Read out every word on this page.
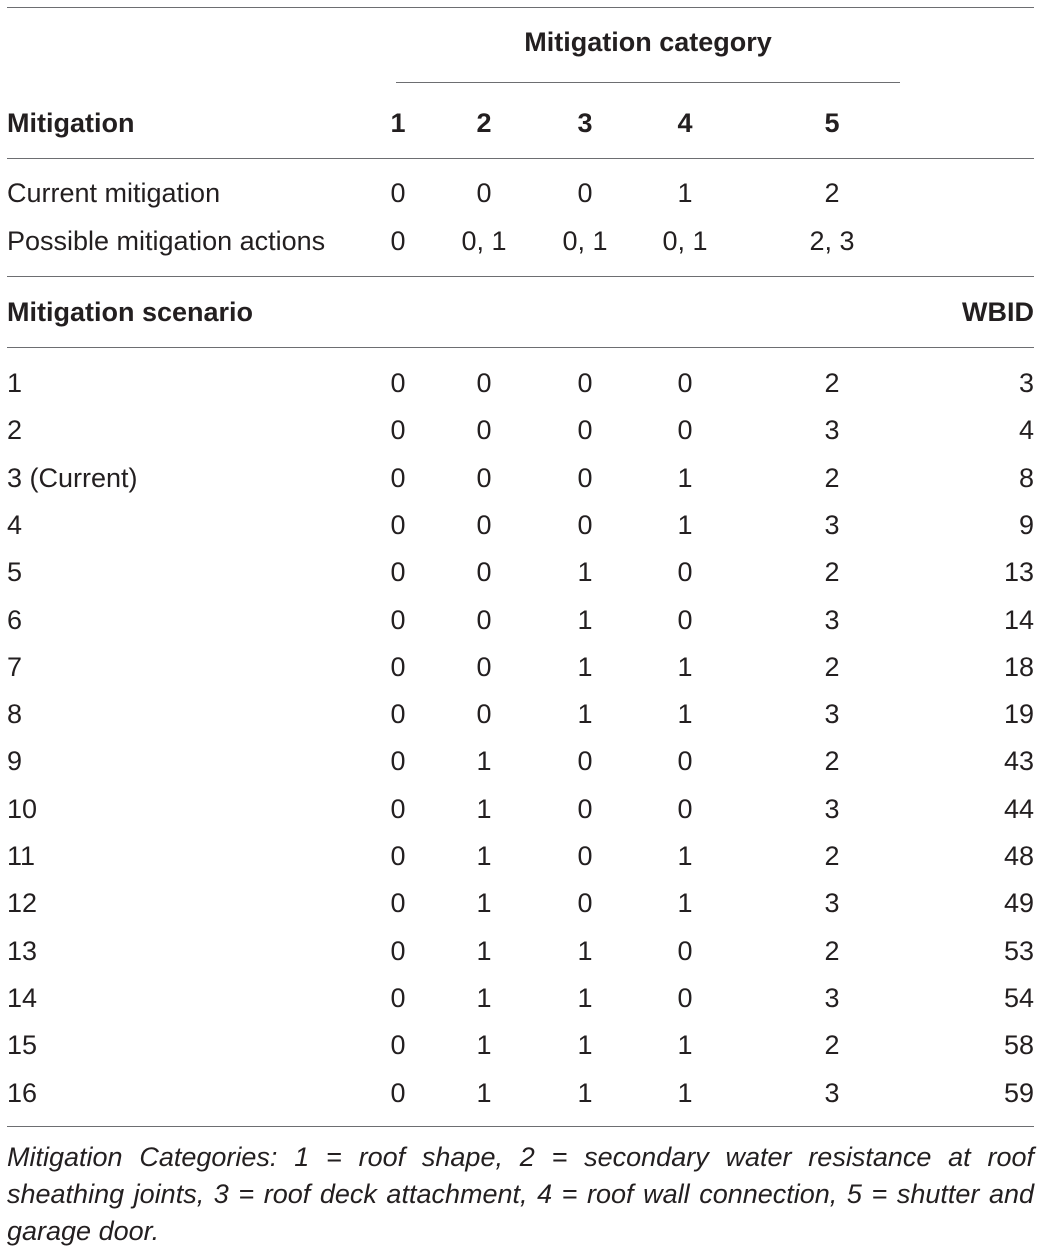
Mitigation category
Mitigation	1	2	3	4	5
Current mitigation	0	0	0	1	2
Possible mitigation actions	0	0, 1	0, 1	0, 1	2, 3
Mitigation scenario	WBID
1	0	0	0	0	2	3
2	0	0	0	0	3	4
3 (Current)	0	0	0	1	2	8
4	0	0	0	1	3	9
5	0	0	1	0	2	13
6	0	0	1	0	3	14
7	0	0	1	1	2	18
8	0	0	1	1	3	19
9	0	1	0	0	2	43
10	0	1	0	0	3	44
11	0	1	0	1	2	48
12	0	1	0	1	3	49
13	0	1	1	0	2	53
14	0	1	1	0	3	54
15	0	1	1	1	2	58
16	0	1	1	1	3	59
Mitigation Categories: 1 = roof shape, 2 = secondary water resistance at roof sheathing joints, 3 = roof deck attachment, 4 = roof wall connection, 5 = shutter and garage door.
